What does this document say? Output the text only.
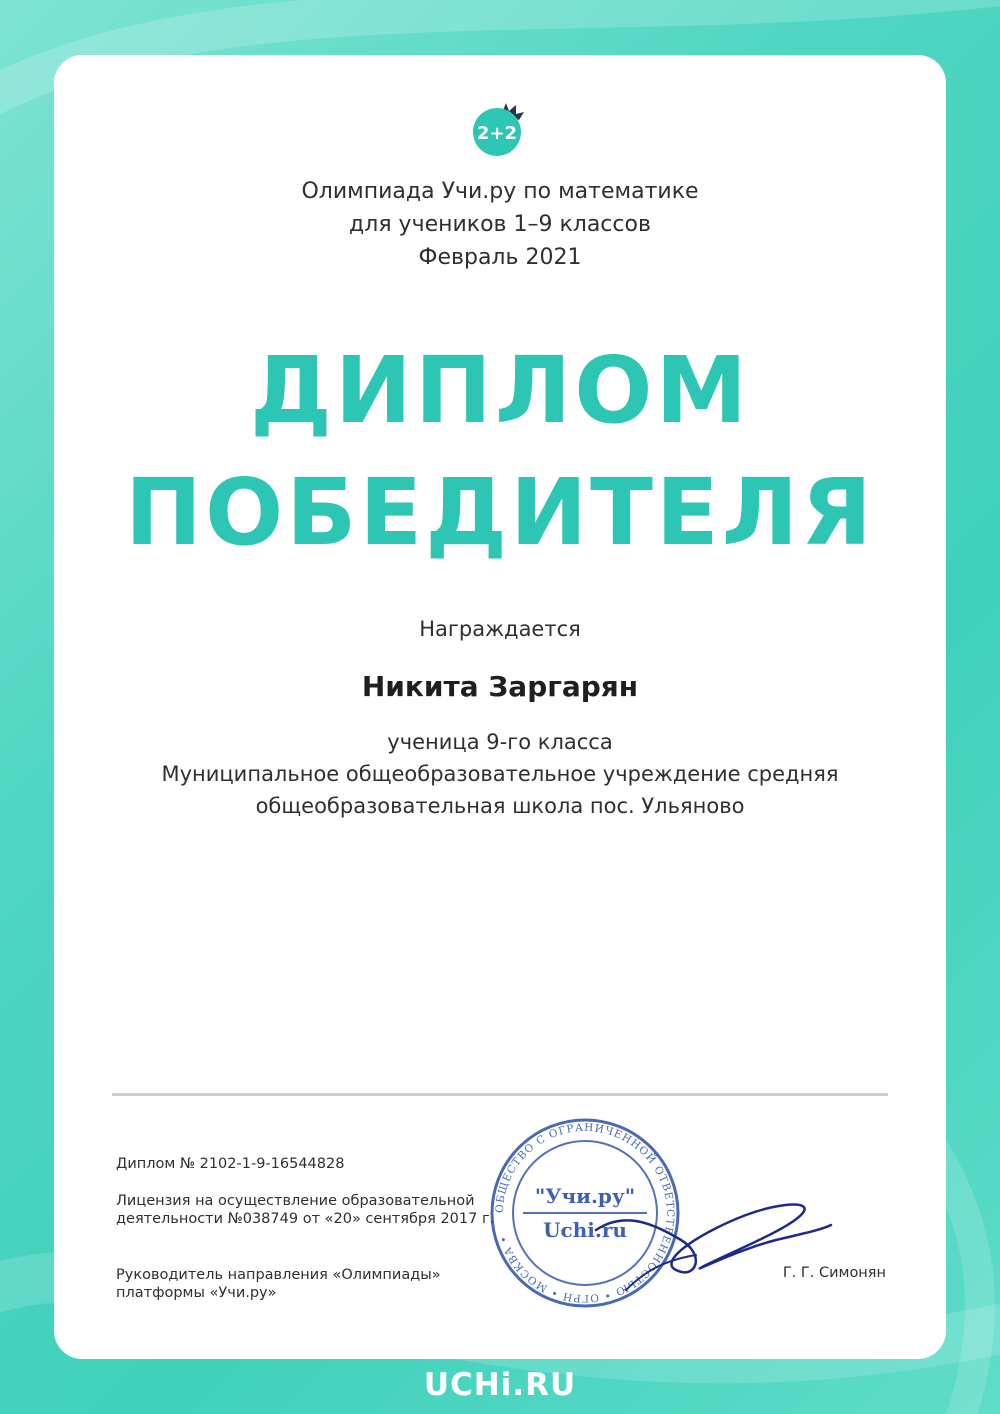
2+2
Олимпиада Учи.ру по математике
для учеников 1–9 классов
Февраль 2021
ДИПЛОМ
ПОБЕДИТЕЛЯ
Награждается
Никита Заргарян
ученица 9-го класса
Муниципальное общеобразовательное учреждение средняя
общеобразовательная школа пос. Ульяново
Диплом № 2102-1-9-16544828
Лицензия на осуществление образовательной
деятельности №038749 от «20» сентября 2017 г.
Руководитель направления «Олимпиады»
платформы «Учи.ру»
ОБЩЕСТВО С ОГРАНИЧЕННОЙ ОТВЕТСТВЕННОСТЬЮ • ОГРН • МОСКВА •
"Учи.ру"
Uchi.ru
Г. Г. Симонян
UCHi.RU
